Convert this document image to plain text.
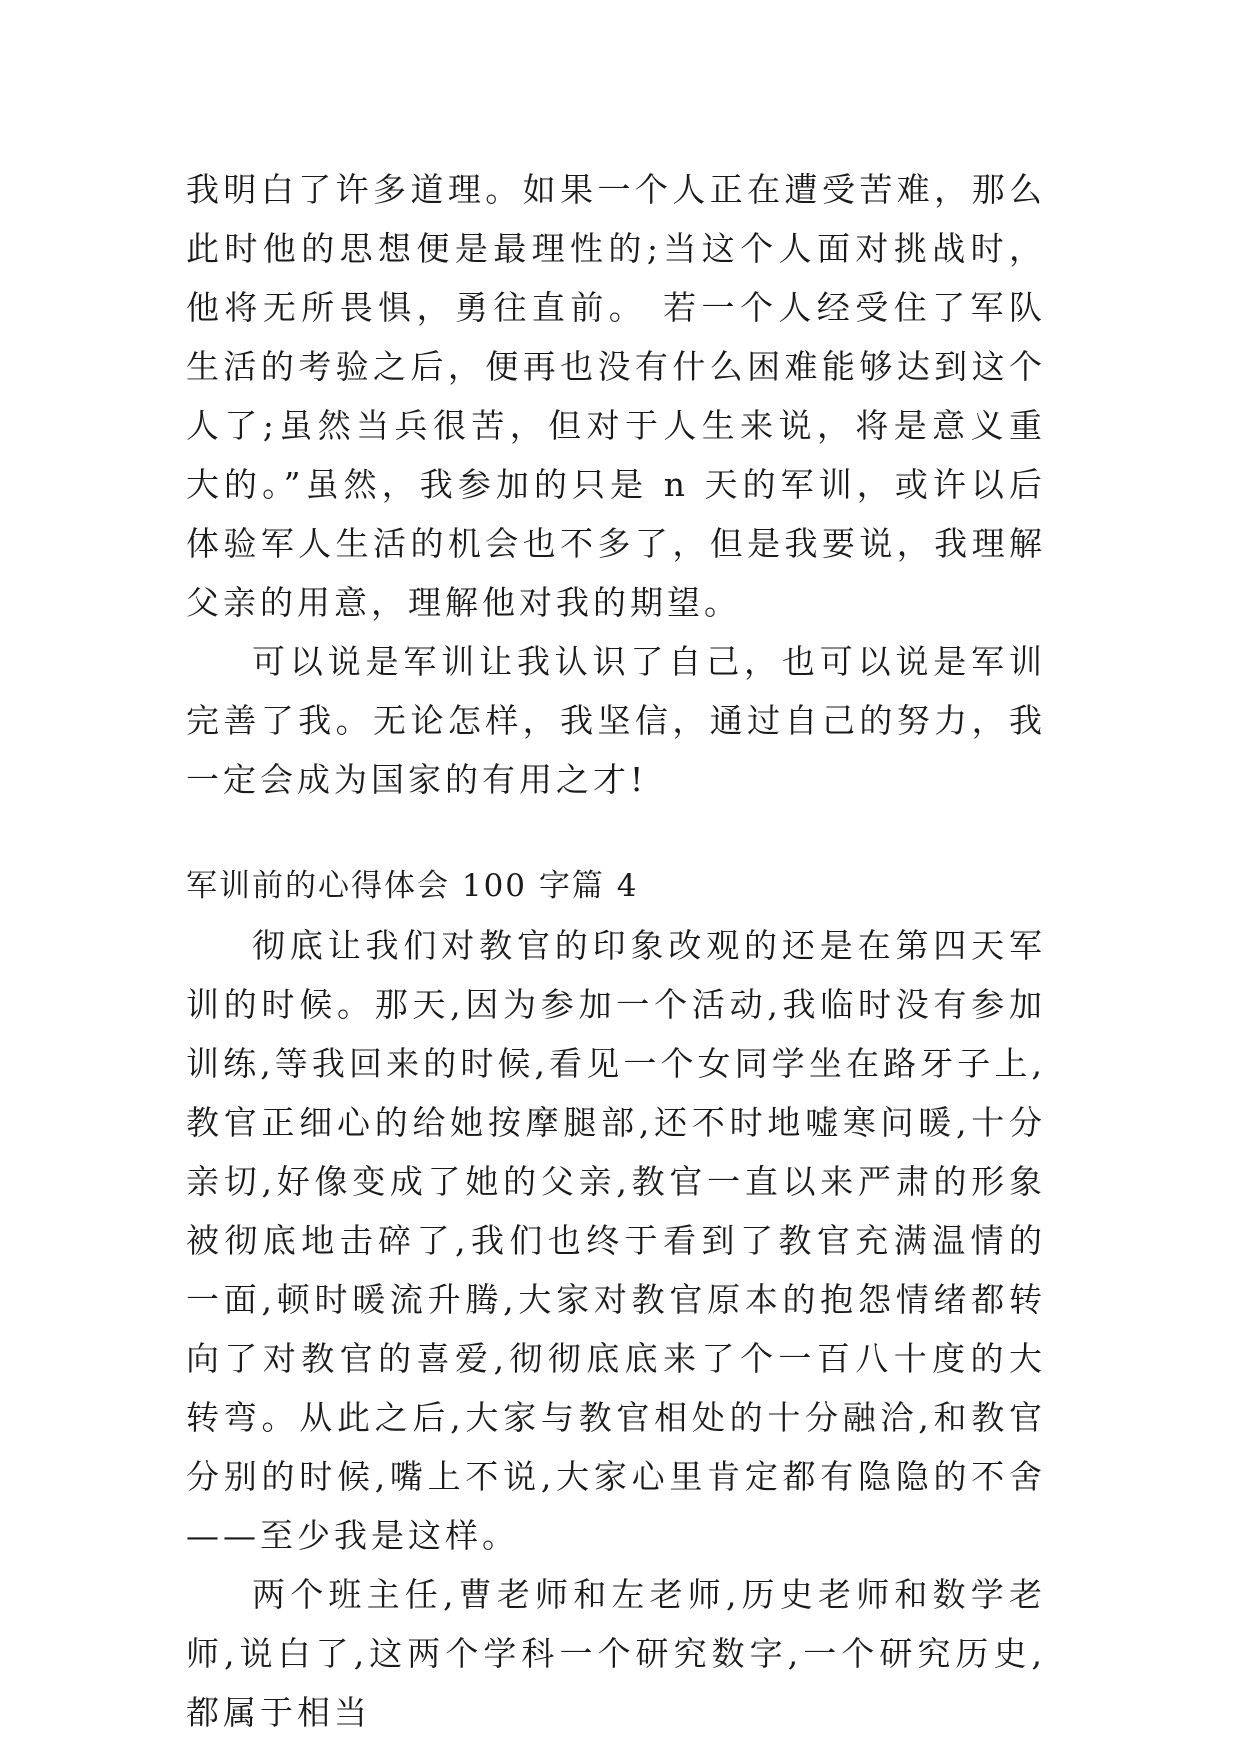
我明白了许多道理。如果一个人正在遭受苦难，那么此时他的思想便是最理性的;当这个人面对挑战时，他将无所畏惧，勇往直前。 若一个人经受住了军队生活的考验之后，便再也没有什么困难能够达到这个人了;虽然当兵很苦，但对于人生来说，将是意义重大的。”虽然，我参加的只是 n 天的军训，或许以后体验军人生活的机会也不多了，但是我要说，我理解父亲的用意，理解他对我的期望。

可以说是军训让我认识了自己，也可以说是军训完善了我。无论怎样，我坚信，通过自己的努力，我一定会成为国家的有用之才!

军训前的心得体会 100 字篇 4

彻底让我们对教官的印象改观的还是在第四天军训的时候。那天,因为参加一个活动,我临时没有参加训练,等我回来的时候,看见一个女同学坐在路牙子上,教官正细心的给她按摩腿部,还不时地嘘寒问暖,十分亲切,好像变成了她的父亲,教官一直以来严肃的形象被彻底地击碎了,我们也终于看到了教官充满温情的一面,顿时暖流升腾,大家对教官原本的抱怨情绪都转向了对教官的喜爱,彻彻底底来了个一百八十度的大转弯。从此之后,大家与教官相处的十分融洽,和教官分别的时候,嘴上不说,大家心里肯定都有隐隐的不舍——至少我是这样。

两个班主任,曹老师和左老师,历史老师和数学老师,说白了,这两个学科一个研究数字,一个研究历史,都属于相当
